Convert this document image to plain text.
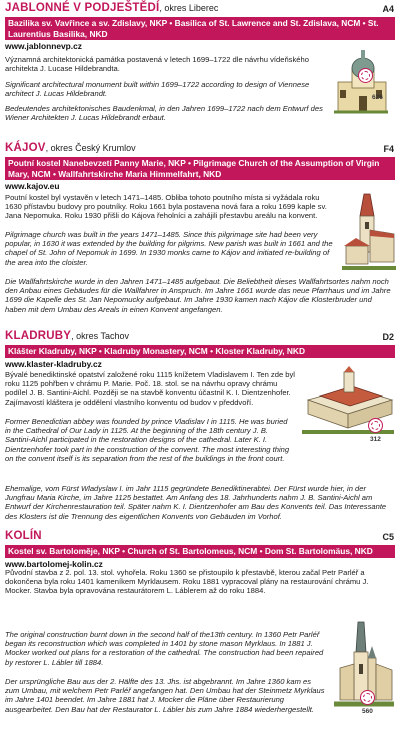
JABLONNÉ V PODJEŠTĚDÍ, okres Liberec	A4
Bazilika sv. Vavřince a sv. Zdislavy, NKP • Basilica of St. Lawrence and St. Zdislava, NCM • St. Laurentius Basilika, NKD
www.jablonnevp.cz

Významná architektonická památka postavená v letech 1699–1722 dle návrhu vídeňského architekta J. Lucase Hildebrandta.

Significant architectural monument built within 1699–1722 according to design of Viennese architect J. Lucas Hildebrandt.

Bedeutendes architektonisches Baudenkmal, in den Jahren 1699–1722 nach dem Entwurf des Wiener Architekten J. Lucas Hildebrandt erbaut.

626
KÁJOV, okres Český Krumlov	F4
Poutní kostel Nanebevzetí Panny Marie, NKP • Pilgrimage Church of the Assumption of Virgin Mary, NCM • Wallfahrtskirche Maria Himmelfahrt, NKD
www.kajov.eu

Poutní kostel byl vystavěn v letech 1471–1485. Obliba tohoto poutního místa si vyžádala roku 1630 přístavbu budovy pro poutníky. Roku 1661 byla postavena nová fara a roku 1699 kaple sv. Jana Nepomuka. Roku 1930 přišli do Kájova řeholníci a zahájili přestavbu areálu na konvent.

Pilgrimage church was built in the years 1471–1485. Since this pilgrimage site had been very popular, in 1630 it was extended by the building for pilgrims. New parish was built in 1661 and the chapel of St. John of Nepomuk in 1699. In 1930 monks came to Kájov and initiated re-building of the area into the cloister.

Die Wallfahrtskirche wurde in den Jahren 1471–1485 aufgebaut. Die Beliebtheit dieses Wallfahrtsortes nahm noch den Anbau eines Gebäudes für die Wallfahrer in Anspruch. Im Jahre 1661 wurde das neue Pfarrhaus und im Jahre 1699 die Kapelle des St. Jan Nepomucky aufgebaut. Im Jahre 1930 kamen nach Kájov die Klosterbruder und haben mit dem Umbau des Areals in einen Konvent angefangen.

KLADRUBY, okres Tachov	D2
Klášter Kladruby, NKP • Kladruby Monastery, NCM • Kloster Kladruby, NKD
www.klaster-kladruby.cz

Bývalé benediktinské opatství založené roku 1115 knížetem Vladislavem I. Ten zde byl roku 1125 pohřben v chrámu P. Marie. Poč. 18. stol. se na návrhu opravy chrámu podílel J. B. Santini-Aichl. Později se na stavbě konventu účastnil K. I. Dientzenhofer. Zajímavostí kláštera je oddělení vlastního konventu od budov v předdvoří.

Former Benedictian abbey was founded by prince Vladislav I in 1115. He was buried in the Cathedral of Our Lady in 1125. At the beginning of the 18th century J. B. Santini-Aichl participated in the restoration designs of the cathedral. Later K. I. Dientzenhofer took part in the construction of the convent. The most interesting thing on the convent itself is its separation from the rest of the buildings in the front court.

Ehemalige, vom Fürst Wladyslaw I. im Jahr 1115 gegründete Benediktinerabtei. Der Fürst wurde hier, in der Jungfrau Maria Kirche, im Jahre 1125 bestattet. Am Anfang des 18. Jahrhunderts nahm J. B. Santini-Aichl am Entwurf der Kirchenrestauration teil. Später nahm K. I. Dientzenhofer am Bau des Konvents teil. Das Interessante des Klosters ist die Trennung des eigentlichen Konvents von Gebäuden im Vorhof.

312
KOLÍN	C5
Kostel sv. Bartoloměje, NKP • Church of St. Bartolomeus, NCM • Dom St. Bartolomäus, NKD
www.bartolomej-kolin.cz

Původní stavba z 2. pol. 13. stol. vyhořela. Roku 1360 se přistoupilo k přestavbě, kterou začal Petr Parléř a dokončena byla roku 1401 kameníkem Myrklausem. Roku 1881 vypracoval plány na restaurování chrámu J. Mocker. Stavba byla opravována restaurátorem L. Láblerem až do roku 1884.

The original construction burnt down in the second half of the13th century. In 1360 Petr Parléř began its reconstruction which was completed in 1401 by stone mason Myrklaus. In 1881 J. Mocker worked out plans for a restoration of the cathedral. The construction had been repaired by restorer L. Lábler till 1884.

Der ursprüngliche Bau aus der 2. Hälfte des 13. Jhs. ist abgebrannt. Im Jahre 1360 kam es zum Umbau, mit welchem Petr Parléř angefangen hat. Den Umbau hat der Steinmetz Myrklaus im Jahre 1401 beendet. Im Jahre 1881 hat J. Mocker die Pläne über Restaurierung ausgearbeitet. Den Bau hat der Restaurator L. Lábler bis zum Jahre 1884 wiederhergestellt.	560
